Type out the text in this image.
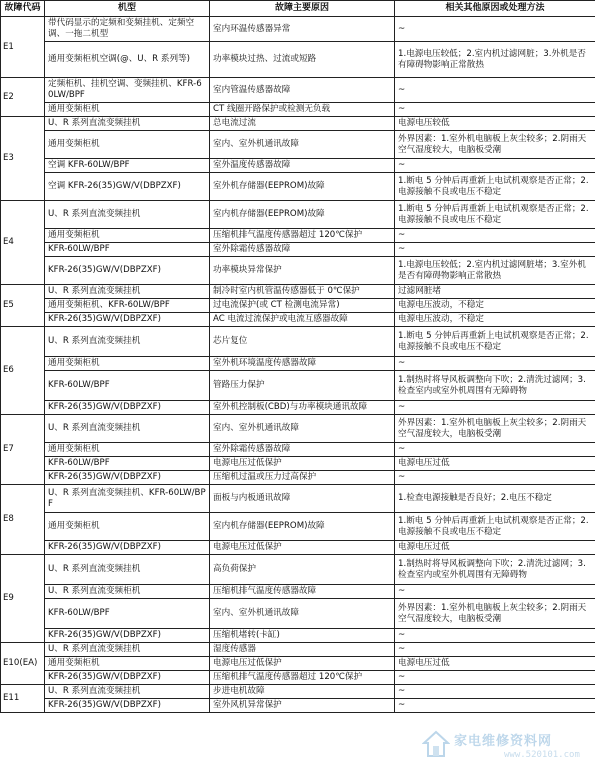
故障代码	机型	故障主要原因	相关其他原因或处理方法
E1	带代码显示的定频和变频挂机、定频空调、一拖二机型	室内环温传感器异常	~
	通用变频柜机空调(@、U、R 系列等)	功率模块过热、过流或短路	1.电源电压较低；2.室内机过滤网脏；3.外机是否有障碍物影响正常散热
E2	定频柜机、挂机空调、变频挂机、KFR-60LW/BPF	室内管温传感器故障	~
	通用变频柜机	CT 线圈开路保护或检测无负载	~
E3	U、R 系列直流变频挂机	总电流过流	电源电压较低
	通用变频柜机	室内、室外机通讯故障	外界因素：1.室外机电脑板上灰尘较多；2.阴雨天空气湿度较大，电脑板受潮
	空调 KFR-60LW/BPF	室外温度传感器故障	~
	空调 KFR-26(35)GW/V(DBPZXF)	室外机存储器(EEPROM)故障	1.断电 5 分钟后再重新上电试机观察是否正常；2.电源接触不良或电压不稳定
E4	U、R 系列直流变频挂机	室内机存储器(EEPROM)故障	1.断电 5 分钟后再重新上电试机观察是否正常；2.电源接触不良或电压不稳定
	通用变频柜机	压缩机排气温度传感器超过 120℃保护	~
	KFR-60LW/BPF	室外除霜传感器故障	~
	KFR-26(35)GW/V(DBPZXF)	功率模块异常保护	1.电源电压较低；2.室内机过滤网脏堵；3.室外机是否有障碍物影响正常散热
E5	U、R 系列直流变频挂机	制冷时室内机管温传感器低于 0℃保护	过滤网脏堵
	通用变频柜机、KFR-60LW/BPF	过电流保护(或 CT 检测电流异常)	电源电压波动，不稳定
	KFR-26(35)GW/V(DBPZXF)	AC 电流过流保护或电流互感器故障	电源电压波动，不稳定
E6	U、R 系列直流变频挂机	芯片复位	1.断电 5 分钟后再重新上电试机观察是否正常；2.电源接触不良或电压不稳定
	通用变频柜机	室外机环境温度传感器故障	~
	KFR-60LW/BPF	管路压力保护	1.制热时将导风板调整向下吹；2.清洗过滤网；3.检查室内或室外机周围有无障碍物
	KFR-26(35)GW/V(DBPZXF)	室外机控制板(CBD)与功率模块通讯故障	~
E7	U、R 系列直流变频挂机	室内、室外机通讯故障	外界因素：1.室外机电脑板上灰尘较多；2.阴雨天空气湿度较大，电脑板受潮
	通用变频柜机	室外除霜传感器故障	~
	KFR-60LW/BPF	电源电压过低保护	电源电压过低
	KFR-26(35)GW/V(DBPZXF)	压缩机过温或压力过高保护	~
E8	U、R 系列直流变频挂机、KFR-60LW/BPF	面板与内板通讯故障	1.检查电源接触是否良好；2.电压不稳定
	通用变频柜机	室内机存储器(EEPROM)故障	1.断电 5 分钟后再重新上电试机观察是否正常；2.电源接触不良或电压不稳定
	KFR-26(35)GW/V(DBPZXF)	电源电压过低保护	电源电压过低
E9	U、R 系列直流变频挂机	高负荷保护	1.制热时将导风板调整向下吹；2.清洗过滤网；3.检查室内或室外机周围有无障碍物
	U、R 系列直流变频柜机	压缩机排气温度传感器故障	~
	KFR-60LW/BPF	室内、室外机通讯故障	外界因素：1.室外机电脑板上灰尘较多；2.阴雨天空气湿度较大，电脑板受潮
	KFR-26(35)GW/V(DBPZXF)	压缩机堵转(卡缸)	~
E10(EA)	U、R 系列直流变频挂机	湿度传感器	~
	通用变频柜机	电源电压过低保护	电源电压过低
	KFR-26(35)GW/V(DBPZXF)	压缩机排气温度传感器超过 120℃保护	~
E11	U、R 系列直流变频挂机	步进电机故障	~
	KFR-26(35)GW/V(DBPZXF)	室外风机异常保护	~
家电维修资料网
www.520101.com
